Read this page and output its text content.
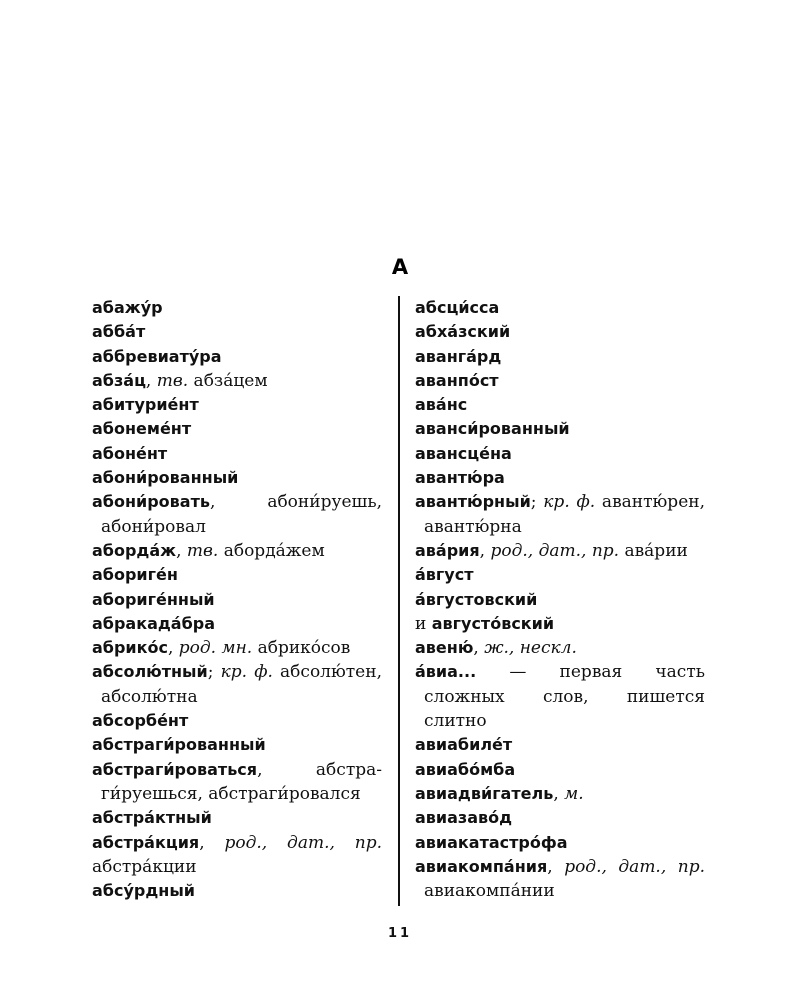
А
абажу́р
абба́т
аббревиату́ра
абза́ц, тв. абза́цем
абитурие́нт
абонеме́нт
абоне́нт
абони́рованный
абони́ровать, абони́руешь, абони́ровал
аборда́ж, тв. аборда́жем
абориге́н
абориге́нный
абракада́бра
абрико́с, род. мн. абрико́сов
абсолю́тный; кр. ф. абсолю́тен, абсолю́тна
абсорбе́нт
абстраги́рованный
абстраги́роваться, абстраги́руешься, абстраги́ровался
абстра́ктный
абстра́кция, род., дат., пр. абстра́кции
абсу́рдный
абсци́сса
абха́зский
аванга́рд
аванпо́ст
ава́нс
аванси́рованный
авансце́на
авантю́ра
авантю́рный; кр. ф. авантю́рен, авантю́рна
ава́рия, род., дат., пр. ава́рии
а́вгуст
а́вгустовский
и августо́вский
авеню́, ж., нескл.
а́виа... — первая часть сложных слов, пишется слитно
авиабиле́т
авиабо́мба
авиадви́гатель, м.
авиазаво́д
авиакатастро́фа
авиакомпа́ния, род., дат., пр. авиакомпа́нии
11
